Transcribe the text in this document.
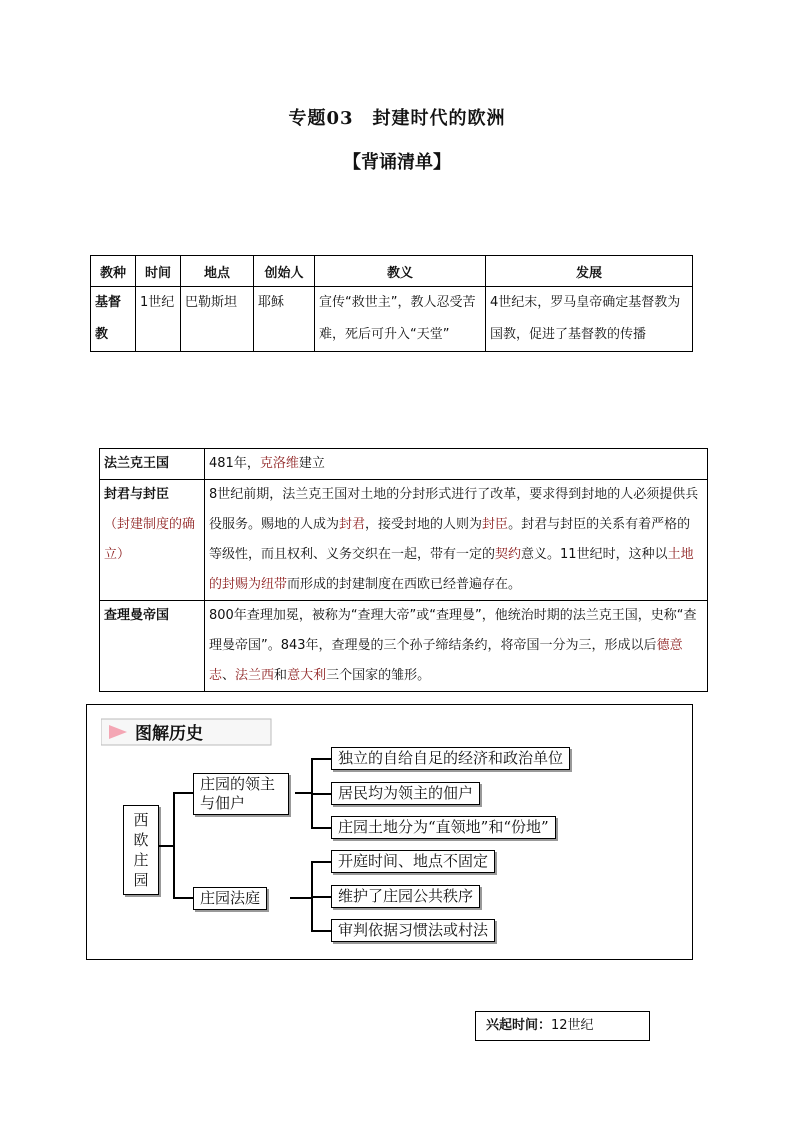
专题03　封建时代的欧洲
【背诵清单】
教种	时间	地点	创始人	教义	发展
基督教	1世纪	巴勒斯坦	耶稣	宣传“救世主”，教人忍受苦难，死后可升入“天堂”	4世纪末，罗马皇帝确定基督教为国教，促进了基督教的传播
法兰克王国	481年，克洛维建立

封君与封臣
（封建制度的确立）	8世纪前期，法兰克王国对土地的分封形式进行了改革，要求得到封地的人必须提供兵役服务。赐地的人成为封君，接受封地的人则为封臣。封君与封臣的关系有着严格的等级性，而且权利、义务交织在一起，带有一定的契约意义。11世纪时，这种以土地的封赐为纽带而形成的封建制度在西欧已经普遍存在。
查理曼帝国	800年查理加冕，被称为“查理大帝”或“查理曼”，他统治时期的法兰克王国，史称“查理曼帝国”。843年，查理曼的三个孙子缔结条约，将帝国一分为三，形成以后德意志、法兰西和意大利三个国家的雏形。
图解历史
西欧庄园
庄园的领主与佃户
庄园法庭
独立的自给自足的经济和政治单位
居民均为领主的佃户
庄园土地分为“直领地”和“份地”
开庭时间、地点不固定
维护了庄园公共秩序
审判依据习惯法或村法
兴起时间：12世纪
